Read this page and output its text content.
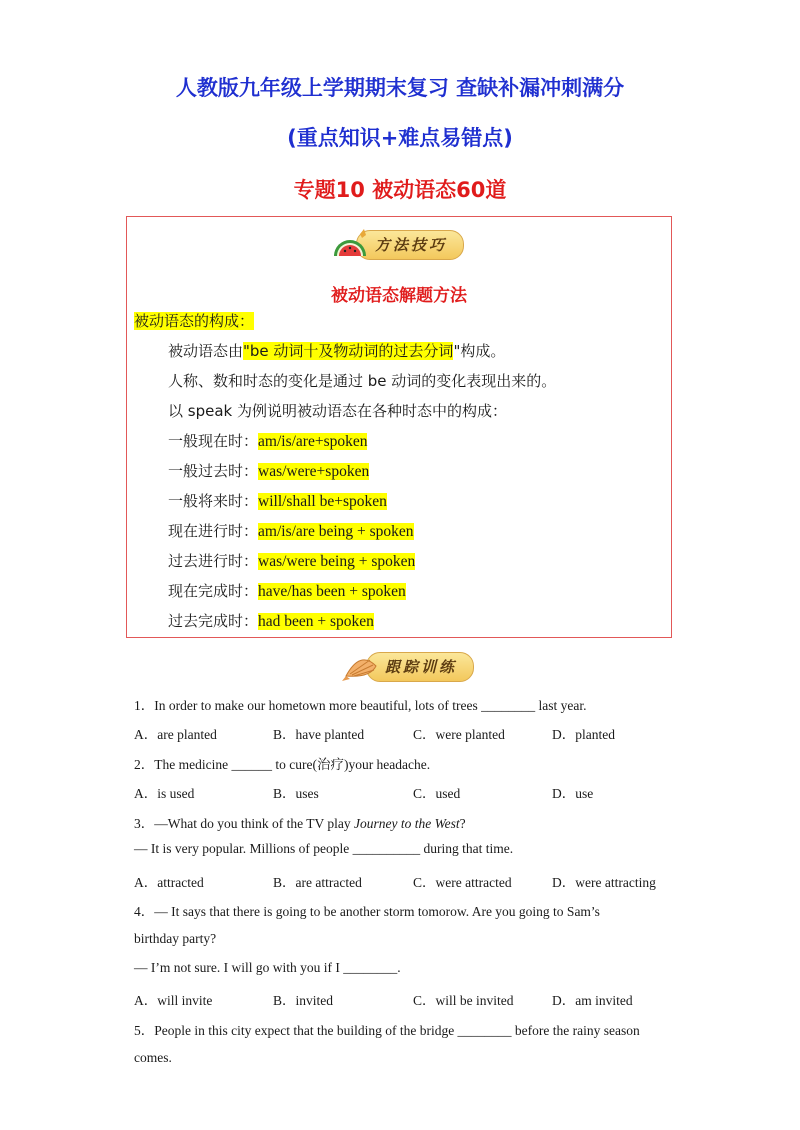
人教版九年级上学期期末复习 查缺补漏冲刺满分
(重点知识+难点易错点)
专题10 被动语态60道
方法技巧
被动语态解题方法
被动语态的构成：
被动语态由"be 动词十及物动词的过去分词"构成。
人称、数和时态的变化是通过 be 动词的变化表现出来的。
以 speak 为例说明被动语态在各种时态中的构成：
一般现在时：am/is/are+spoken
一般过去时：was/were+spoken
一般将来时：will/shall be+spoken
现在进行时：am/is/are being + spoken
过去进行时：was/were being + spoken
现在完成时：have/has been + spoken
过去完成时：had been + spoken
跟踪训练
1．In order to make our hometown more beautiful, lots of trees ________ last year.
A．are planted	B．have planted	C．were planted	D．planted
2．The medicine ______ to cure(治疗)your headache.
A．is used	B．uses	C．used	D．use
3．—What do you think of the TV play Journey to the West?
— It is very popular. Millions of people __________ during that time.
A．attracted	B．are attracted	C．were attracted	D．were attracting
4．— It says that there is going to be another storm tomorow. Are you going to Sam’s
birthday party?
— I’m not sure. I will go with you if I ________.
A．will invite	B．invited	C．will be invited	D．am invited
5．People in this city expect that the building of the bridge ________ before the rainy season
comes.
